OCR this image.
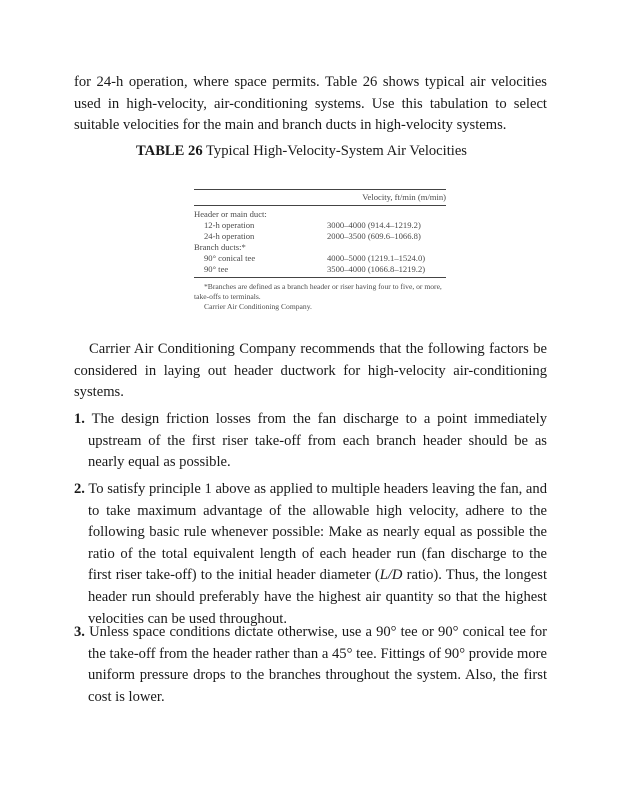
for 24-h operation, where space permits. Table 26 shows typical air velocities used in high-velocity, air-conditioning systems. Use this tabulation to select suitable velocities for the main and branch ducts in high-velocity systems.

TABLE 26 Typical High-Velocity-System Air Velocities

Velocity, ft/min (m/min)
Header or main duct:
12-h operation	3000–4000 (914.4–1219.2)
24-h operation	2000–3500 (609.6–1066.8)
Branch ducts:*
90° conical tee	4000–5000 (1219.1–1524.0)
90° tee	3500–4000 (1066.8–1219.2)
*Branches are defined as a branch header or riser having four to five, or more, take-offs to terminals.
Carrier Air Conditioning Company.

Carrier Air Conditioning Company recommends that the following factors be considered in laying out header ductwork for high-velocity air-conditioning systems.

1. The design friction losses from the fan discharge to a point immediately upstream of the first riser take-off from each branch header should be as nearly equal as possible.

2. To satisfy principle 1 above as applied to multiple headers leaving the fan, and to take maximum advantage of the allowable high velocity, adhere to the following basic rule whenever possible: Make as nearly equal as possible the ratio of the total equivalent length of each header run (fan discharge to the first riser take-off) to the initial header diameter (L/D ratio). Thus, the longest header run should preferably have the highest air quantity so that the highest velocities can be used throughout.

3. Unless space conditions dictate otherwise, use a 90° tee or 90° conical tee for the take-off from the header rather than a 45° tee. Fittings of 90° provide more uniform pressure drops to the branches throughout the system. Also, the first cost is lower.
